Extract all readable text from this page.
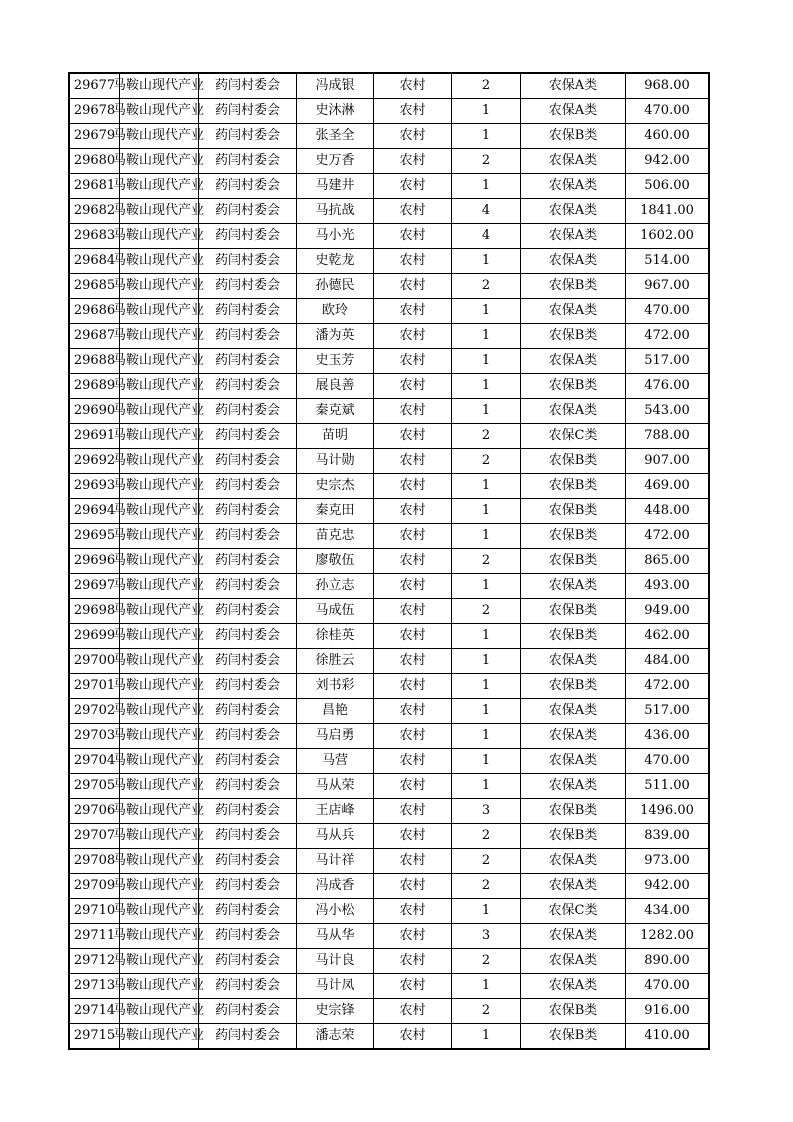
29677	马鞍山现代产业	药闫村委会	冯成银	农村	2	农保A类	968.00
29678	马鞍山现代产业	药闫村委会	史沐淋	农村	1	农保A类	470.00
29679	马鞍山现代产业	药闫村委会	张圣全	农村	1	农保B类	460.00
29680	马鞍山现代产业	药闫村委会	史万香	农村	2	农保A类	942.00
29681	马鞍山现代产业	药闫村委会	马建井	农村	1	农保A类	506.00
29682	马鞍山现代产业	药闫村委会	马抗战	农村	4	农保A类	1841.00
29683	马鞍山现代产业	药闫村委会	马小光	农村	4	农保A类	1602.00
29684	马鞍山现代产业	药闫村委会	史乾龙	农村	1	农保A类	514.00
29685	马鞍山现代产业	药闫村委会	孙德民	农村	2	农保B类	967.00
29686	马鞍山现代产业	药闫村委会	欧玲	农村	1	农保A类	470.00
29687	马鞍山现代产业	药闫村委会	潘为英	农村	1	农保B类	472.00
29688	马鞍山现代产业	药闫村委会	史玉芳	农村	1	农保A类	517.00
29689	马鞍山现代产业	药闫村委会	展良善	农村	1	农保B类	476.00
29690	马鞍山现代产业	药闫村委会	秦克斌	农村	1	农保A类	543.00
29691	马鞍山现代产业	药闫村委会	苗明	农村	2	农保C类	788.00
29692	马鞍山现代产业	药闫村委会	马计勋	农村	2	农保B类	907.00
29693	马鞍山现代产业	药闫村委会	史宗杰	农村	1	农保B类	469.00
29694	马鞍山现代产业	药闫村委会	秦克田	农村	1	农保B类	448.00
29695	马鞍山现代产业	药闫村委会	苗克忠	农村	1	农保B类	472.00
29696	马鞍山现代产业	药闫村委会	廖敬伍	农村	2	农保B类	865.00
29697	马鞍山现代产业	药闫村委会	孙立志	农村	1	农保A类	493.00
29698	马鞍山现代产业	药闫村委会	马成伍	农村	2	农保B类	949.00
29699	马鞍山现代产业	药闫村委会	徐桂英	农村	1	农保B类	462.00
29700	马鞍山现代产业	药闫村委会	徐胜云	农村	1	农保A类	484.00
29701	马鞍山现代产业	药闫村委会	刘书彩	农村	1	农保B类	472.00
29702	马鞍山现代产业	药闫村委会	昌艳	农村	1	农保A类	517.00
29703	马鞍山现代产业	药闫村委会	马启勇	农村	1	农保A类	436.00
29704	马鞍山现代产业	药闫村委会	马营	农村	1	农保A类	470.00
29705	马鞍山现代产业	药闫村委会	马从荣	农村	1	农保A类	511.00
29706	马鞍山现代产业	药闫村委会	王店峰	农村	3	农保B类	1496.00
29707	马鞍山现代产业	药闫村委会	马从兵	农村	2	农保B类	839.00
29708	马鞍山现代产业	药闫村委会	马计祥	农村	2	农保A类	973.00
29709	马鞍山现代产业	药闫村委会	冯成香	农村	2	农保A类	942.00
29710	马鞍山现代产业	药闫村委会	冯小松	农村	1	农保C类	434.00
29711	马鞍山现代产业	药闫村委会	马从华	农村	3	农保A类	1282.00
29712	马鞍山现代产业	药闫村委会	马计良	农村	2	农保A类	890.00
29713	马鞍山现代产业	药闫村委会	马计凤	农村	1	农保A类	470.00
29714	马鞍山现代产业	药闫村委会	史宗锋	农村	2	农保B类	916.00
29715	马鞍山现代产业	药闫村委会	潘志荣	农村	1	农保B类	410.00
